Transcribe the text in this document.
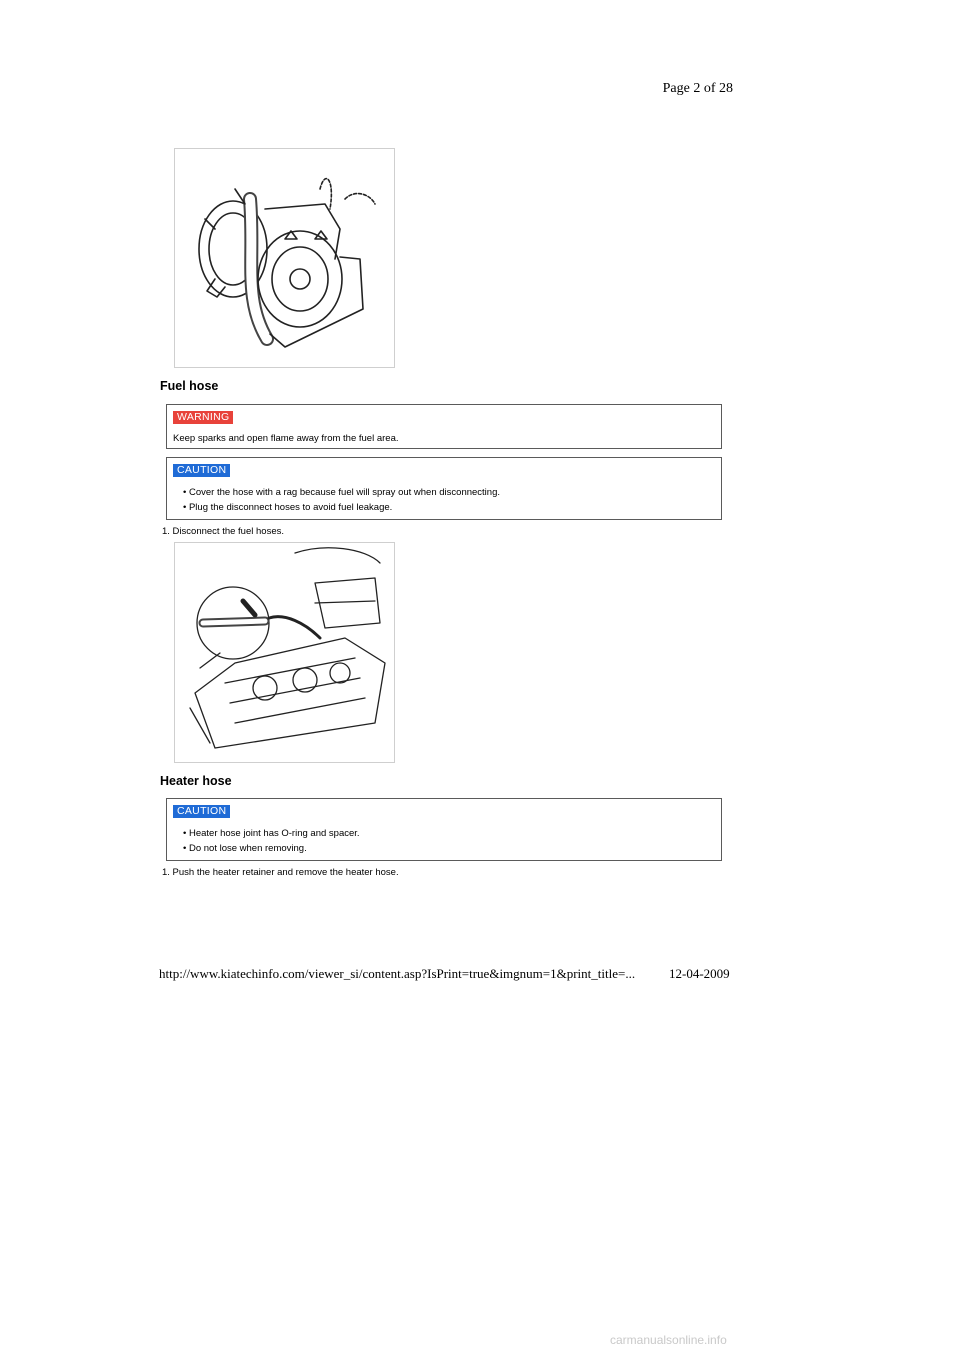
Page 2 of 28
Fuel hose
WARNING
Keep sparks and open flame away from the fuel area.
CAUTION
• Cover the hose with a rag because fuel will spray out when disconnecting.
• Plug the disconnect hoses to avoid fuel leakage.
1. Disconnect the fuel hoses.
Heater hose
CAUTION
• Heater hose joint has O-ring and spacer.
• Do not lose when removing.
1. Push the heater retainer and remove the heater hose.
http://www.kiatechinfo.com/viewer_si/content.asp?IsPrint=true&imgnum=1&print_title=...	12-04-2009
carmanualsonline.info
